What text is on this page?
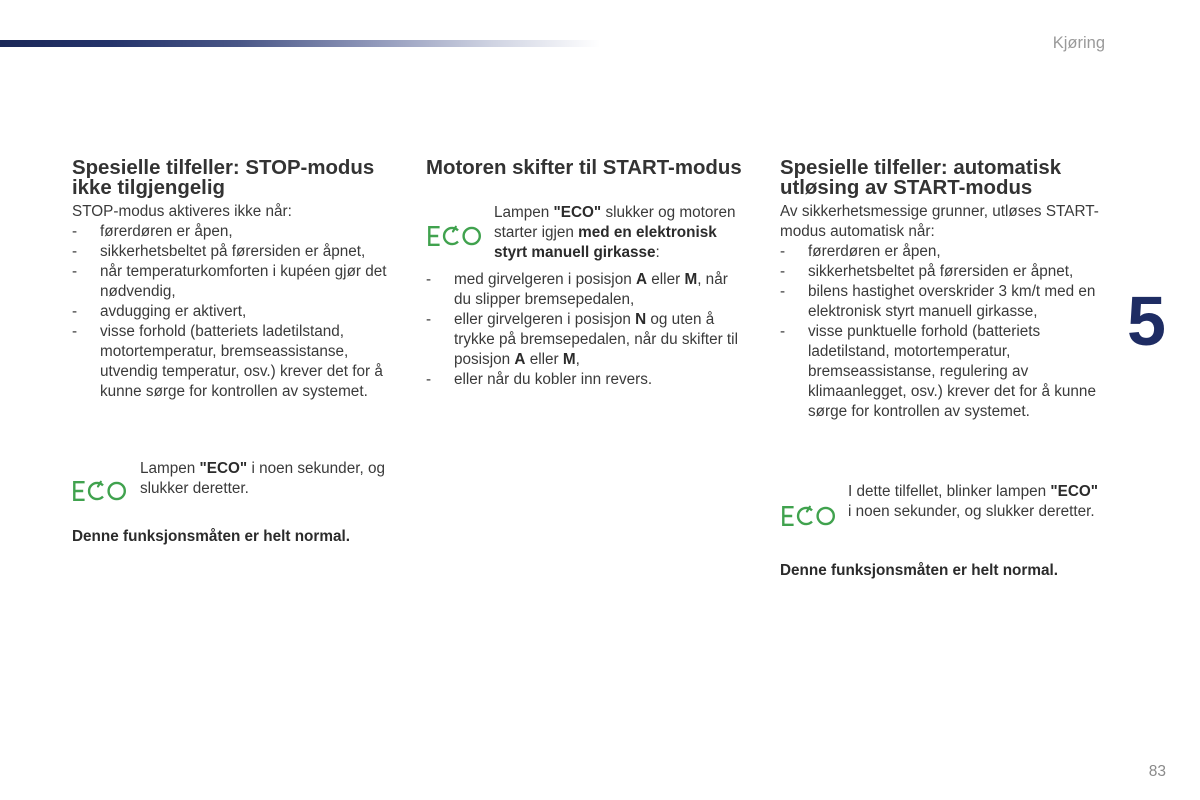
Kjøring
5
83
Spesielle tilfeller: STOP-modus
ikke tilgjengelig

STOP-modus aktiveres ikke når:

- førerdøren er åpen,
- sikkerhetsbeltet på førersiden er åpnet,
- når temperaturkomforten i kupéen gjør det
nødvendig,
- avdugging er aktivert,
- visse forhold (batteriets ladetilstand,
motortemperatur, bremseassistanse,
utvendig temperatur, osv.) krever det for å
kunne sørge for kontrollen av systemet.

Lampen "ECO" i noen sekunder, og
slukker deretter.

Denne funksjonsmåten er helt normal.

Motoren skifter til START-modus

Lampen "ECO" slukker og motoren
starter igjen med en elektronisk
styrt manuell girkasse:

- med girvelgeren i posisjon A eller M, når
du slipper bremsepedalen,
- eller girvelgeren i posisjon N og uten å
trykke på bremsepedalen, når du skifter til
posisjon A eller M,
- eller når du kobler inn revers.
Spesielle tilfeller: automatisk
utløsing av START-modus

Av sikkerhetsmessige grunner, utløses START-
modus automatisk når:

- førerdøren er åpen,
- sikkerhetsbeltet på førersiden er åpnet,
- bilens hastighet overskrider 3 km/t med en
elektronisk styrt manuell girkasse,
- visse punktuelle forhold (batteriets
ladetilstand, motortemperatur,
bremseassistanse, regulering av
klimaanlegget, osv.) krever det for å kunne
sørge for kontrollen av systemet.

I dette tilfellet, blinker lampen "ECO"
i noen sekunder, og slukker deretter.

Denne funksjonsmåten er helt normal.
